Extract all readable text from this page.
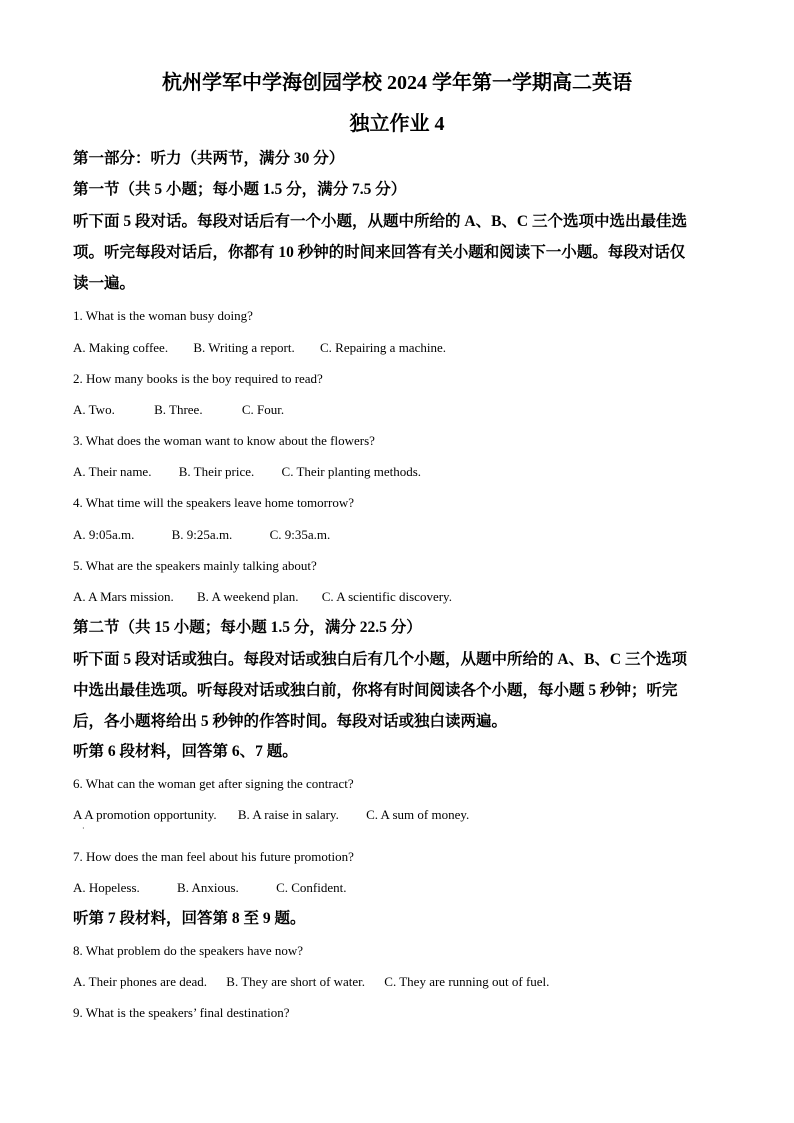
杭州学军中学海创园学校 2024 学年第一学期高二英语
独立作业 4
第一部分：听力（共两节，满分 30 分）
第一节（共 5 小题；每小题 1.5 分，满分 7.5 分）
听下面 5 段对话。每段对话后有一个小题，从题中所给的 A、B、C 三个选项中选出最佳选
项。听完每段对话后，你都有 10 秒钟的时间来回答有关小题和阅读下一小题。每段对话仅
读一遍。
1. What is the woman busy doing?
A. Making coffee. B. Writing a report. C. Repairing a machine.
2. How many books is the boy required to read?
A. Two.	B. Three.	C. Four.
3. What does the woman want to know about the flowers?
A. Their name. B. Their price. C. Their planting methods.
4. What time will the speakers leave home tomorrow?
A. 9:05a.m.	B. 9:25a.m.	C. 9:35a.m.
5. What are the speakers mainly talking about?
A. A Mars mission. B. A weekend plan. C. A scientific discovery.
第二节（共 15 小题；每小题 1.5 分，满分 22.5 分）
听下面 5 段对话或独白。每段对话或独白后有几个小题，从题中所给的 A、B、C 三个选项
中选出最佳选项。听每段对话或独白前，你将有时间阅读各个小题，每小题 5 秒钟；听完
后，各小题将给出 5 秒钟的作答时间。每段对话或独白读两遍。
听第 6 段材料，回答第 6、7 题。
6. What can the woman get after signing the contract?
A A promotion opportunity. B. A raise in salary. C. A sum of money.
·
7. How does the man feel about his future promotion?
A. Hopeless.	B. Anxious.	C. Confident.
听第 7 段材料，回答第 8 至 9 题。
8. What problem do the speakers have now?
A. Their phones are dead. B. They are short of water. C. They are running out of fuel.
9. What is the speakers’ final destination?
